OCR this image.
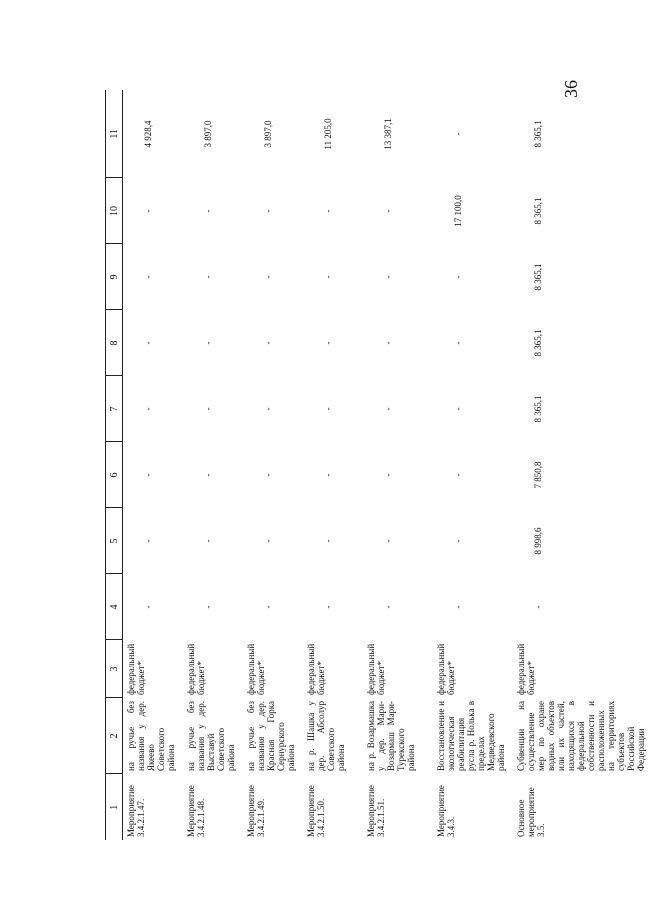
36
1	2	3	4	5	6	7	8	9	10	11
Мероприятие 3.4.2.1.47.	на ручье без названия у дер. Якеево Советского района	федеральный бюджет*	-	-	-	-	-	-	-	4 928,4
Мероприятие 3.4.2.1.48.	на ручье без названия у дер. Выставуй Советского района	федеральный бюджет*	-	-	-	-	-	-	-	3 897,0
Мероприятие 3.4.2.1.49.	на ручье без названия у дер. Красная Горка Сернурского района	федеральный бюджет*	-	-	-	-	-	-	-	3 897,0
Мероприятие 3.4.2.1.50.	на р. Шашка у дер. Абсолур Советского района	федеральный бюджет*	-	-	-	-	-	-	-	11 205,0
Мероприятие 3.4.2.1.51.	на р. Возармашка у дер. Мари-Возармаш Мари-Турекского района	федеральный бюджет*	-	-	-	-	-	-	-	13 387,1
Мероприятие 3.4.3.	Восстановление и экологическая реабилитация русла р. Нолька в пределах Медведевского района	федеральный бюджет*	-	-	-	-	-	-	17 100,0	-
Основное мероприятие 3.5.	Субвенции на осуществление мер по охране водных объектов или их частей, находящихся в федеральной собственности и расположенных на территориях субъектов Российской Федерации	федеральный бюджет*	-	8 998,6	7 850,8	8 365,1	8 365,1	8 365,1	8 365,1	8 365,1
